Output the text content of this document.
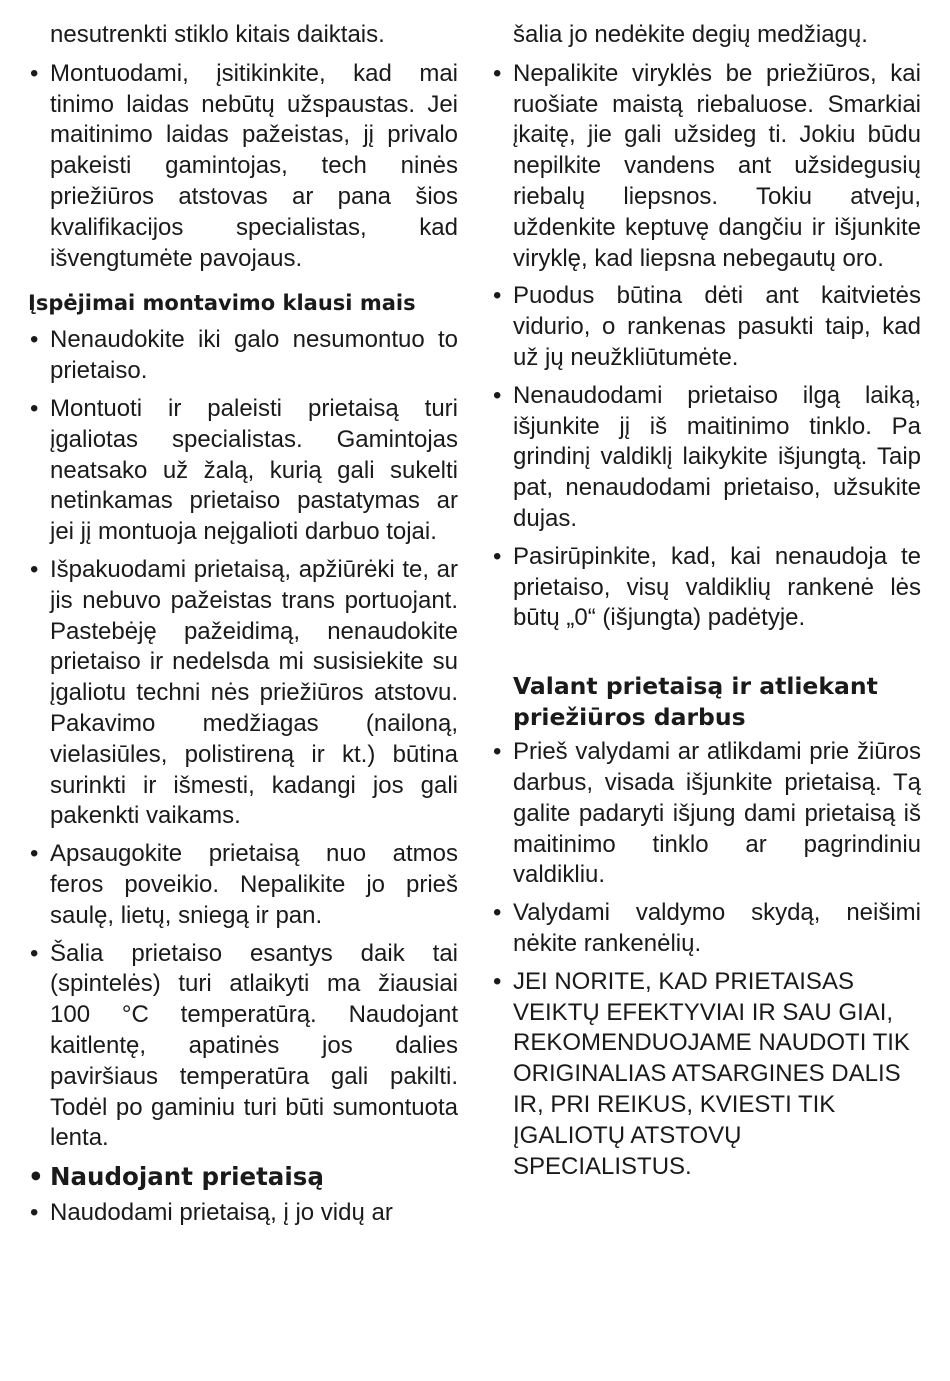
nesutrenkti stiklo kitais daiktais.

• Montuodami, įsitikinkite, kad mai tinimo laidas nebūtų užspaustas. Jei maitinimo laidas pažeistas, jį privalo pakeisti gamintojas, tech ninės priežiūros atstovas ar pana šios kvalifikacijos specialistas, kad išvengtumėte pavojaus.

Įspėjimai montavimo klausi mais

• Nenaudokite iki galo nesumontuo to prietaiso.
• Montuoti ir paleisti prietaisą turi įgaliotas specialistas. Gamintojas neatsako už žalą, kurią gali sukelti netinkamas prietaiso pastatymas ar jei jį montuoja neįgalioti darbuo tojai.
• Išpakuodami prietaisą, apžiūrėki te, ar jis nebuvo pažeistas trans portuojant. Pastebėję pažeidimą, nenaudokite prietaiso ir nedelsda mi susisiekite su įgaliotu techni nės priežiūros atstovu. Pakavimo medžiagas (nailoną, vielasiūles, polistireną ir kt.) būtina surinkti ir išmesti, kadangi jos gali pakenkti vaikams.
• Apsaugokite prietaisą nuo atmos feros poveikio. Nepalikite jo prieš saulę, lietų, sniegą ir pan.
• Šalia prietaiso esantys daik tai (spintelės) turi atlaikyti ma žiausiai 100 °C temperatūrą. Naudojant kaitlentę, apatinės jos dalies paviršiaus temperatūra gali pakilti. Todėl po gaminiu turi būti sumontuota lenta.

• Naudojant prietaisą

• Naudodami prietaisą, į jo vidų ar

šalia jo nedėkite degių medžiagų.

• Nepalikite viryklės be priežiūros, kai ruošiate maistą riebaluose. Smarkiai įkaitę, jie gali užsideg ti. Jokiu būdu nepilkite vandens ant užsidegusių riebalų liepsnos. Tokiu atveju, uždenkite keptuvę dangčiu ir išjunkite viryklę, kad liepsna nebegautų oro.
• Puodus būtina dėti ant kaitvietės vidurio, o rankenas pasukti taip, kad už jų neužkliūtumėte.
• Nenaudodami prietaiso ilgą laiką, išjunkite jį iš maitinimo tinklo. Pa grindinį valdiklį laikykite išjungtą. Taip pat, nenaudodami prietaiso, užsukite dujas.
• Pasirūpinkite, kad, kai nenaudoja te prietaiso, visų valdiklių rankenė lės būtų „0“ (išjungta) padėtyje.

Valant prietaisą ir atliekant priežiūros darbus

• Prieš valydami ar atlikdami prie žiūros darbus, visada išjunkite prietaisą. Tą galite padaryti išjung dami prietaisą iš maitinimo tinklo ar pagrindiniu valdikliu.
• Valydami valdymo skydą, neišimi nėkite rankenėlių.
• JEI NORITE, KAD PRIETAISAS VEIKTŲ EFEKTYVIAI IR SAU GIAI, REKOMENDUOJAME NAUDOTI TIK ORIGINALIAS ATSARGINES DALIS IR, PRI REIKUS, KVIESTI TIK ĮGALIOTŲ ATSTOVŲ SPECIALISTUS.
